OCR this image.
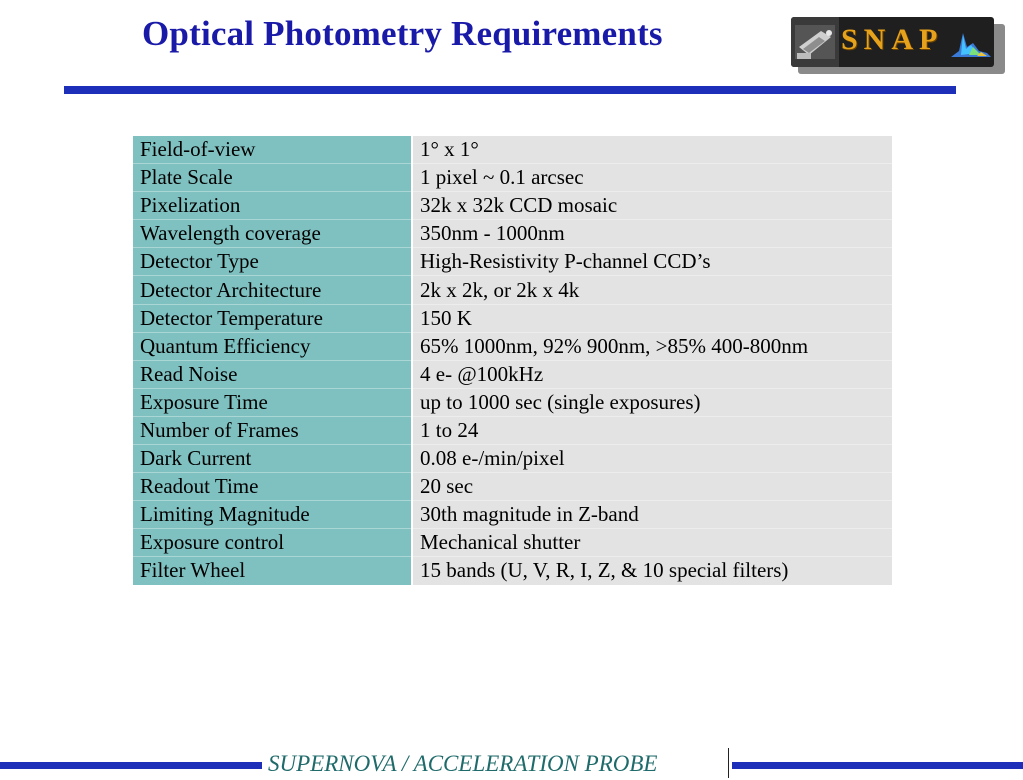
Optical Photometry Requirements	SNAP
Field-of-view	1° x 1°
Plate Scale	1 pixel ~ 0.1 arcsec
Pixelization	32k x 32k CCD mosaic
Wavelength coverage	350nm - 1000nm
Detector Type	High-Resistivity P-channel CCD’s
Detector Architecture	2k x 2k, or 2k x 4k
Detector Temperature	150 K
Quantum Efficiency	65% 1000nm, 92% 900nm, >85% 400-800nm
Read Noise	4 e- @100kHz
Exposure Time	up to 1000 sec (single exposures)
Number of Frames	1 to 24
Dark Current	0.08 e-/min/pixel
Readout Time	20 sec
Limiting Magnitude	30th magnitude in Z-band
Exposure control	Mechanical shutter
Filter Wheel	15 bands (U, V, R, I, Z, & 10 special filters)
SUPERNOVA / ACCELERATION PROBE
